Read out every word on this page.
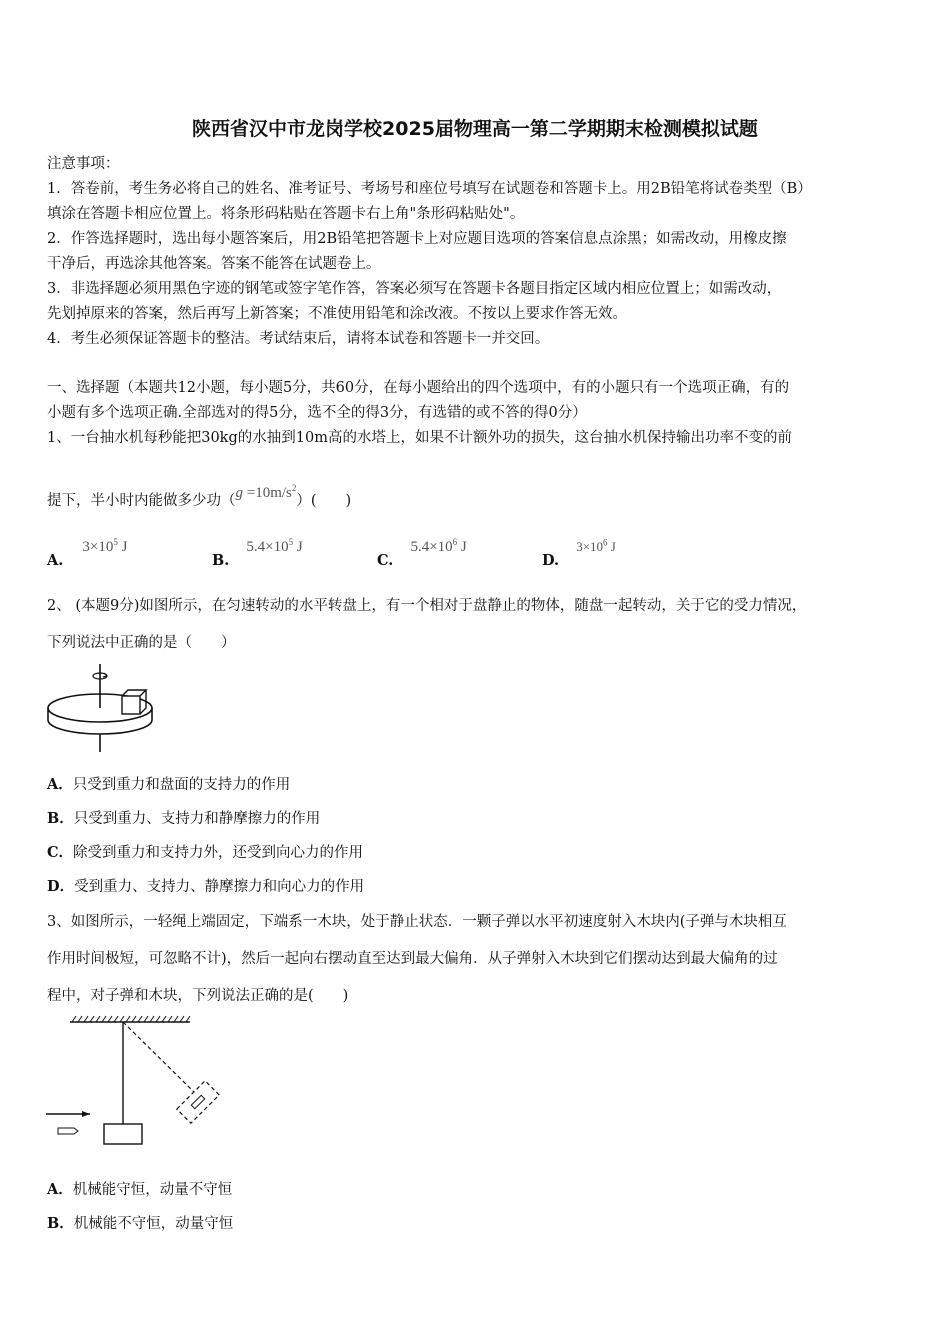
陕西省汉中市龙岗学校2025届物理高一第二学期期末检测模拟试题
注意事项：
1．答卷前，考生务必将自己的姓名、准考证号、考场号和座位号填写在试题卷和答题卡上。用2B铅笔将试卷类型（B）
填涂在答题卡相应位置上。将条形码粘贴在答题卡右上角"条形码粘贴处"。
2．作答选择题时，选出每小题答案后，用2B铅笔把答题卡上对应题目选项的答案信息点涂黑；如需改动，用橡皮擦
干净后，再选涂其他答案。答案不能答在试题卷上。
3．非选择题必须用黑色字迹的钢笔或签字笔作答，答案必须写在答题卡各题目指定区域内相应位置上；如需改动，
先划掉原来的答案，然后再写上新答案；不准使用铅笔和涂改液。不按以上要求作答无效。
4．考生必须保证答题卡的整洁。考试结束后，请将本试卷和答题卡一并交回。
一、选择题（本题共12小题，每小题5分，共60分，在每小题给出的四个选项中，有的小题只有一个选项正确，有的
小题有多个选项正确.全部选对的得5分，选不全的得3分，有选错的或不答的得0分）
1、一台抽水机每秒能把30kg的水抽到10m高的水塔上，如果不计额外功的损失，这台抽水机保持输出功率不变的前
提下，半小时内能做多少功$(g =10m/s^2)$(　　)
A. $3\times 10^5$ J
B. $5.4\times 10^5$ J
C. $5.4\times 10^6$ J
D. $3\times 10^6$ J
2、 (本题9分)如图所示，在匀速转动的水平转盘上，有一个相对于盘静止的物体，随盘一起转动，关于它的受力情况，
下列说法中正确的是（　　）
A．只受到重力和盘面的支持力的作用
B．只受到重力、支持力和静摩擦力的作用
C．除受到重力和支持力外，还受到向心力的作用
D．受到重力、支持力、静摩擦力和向心力的作用
3、如图所示，一轻绳上端固定，下端系一木块，处于静止状态．一颗子弹以水平初速度射入木块内(子弹与木块相互
作用时间极短，可忽略不计)，然后一起向右摆动直至达到最大偏角．从子弹射入木块到它们摆动达到最大偏角的过
程中，对子弹和木块，下列说法正确的是(　　)
A．机械能守恒，动量不守恒
B．机械能不守恒，动量守恒
